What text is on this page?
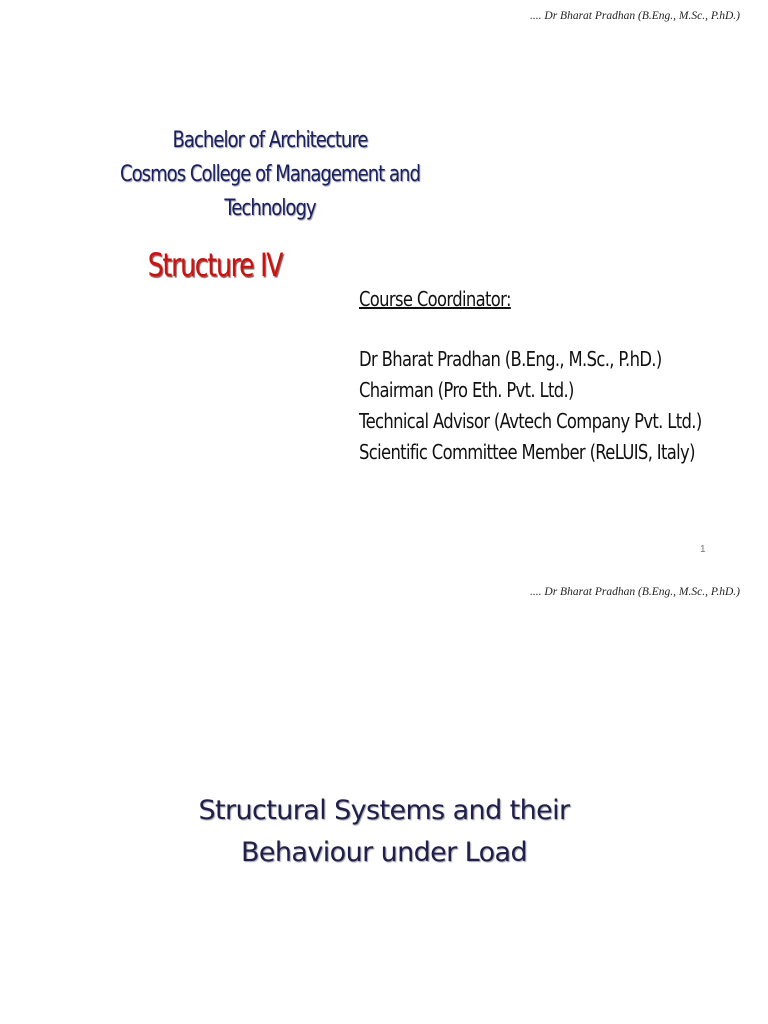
.... Dr Bharat Pradhan (B.Eng., M.Sc., P.hD.)
Bachelor of Architecture
Cosmos College of Management and
Technology
Structure IV
Course Coordinator:
Dr Bharat Pradhan (B.Eng., M.Sc., P.hD.)
Chairman (Pro Eth. Pvt. Ltd.)
Technical Advisor (Avtech Company Pvt. Ltd.)
Scientific Committee Member (ReLUIS, Italy)
1
.... Dr Bharat Pradhan (B.Eng., M.Sc., P.hD.)
Structural Systems and their
Behaviour under Load
